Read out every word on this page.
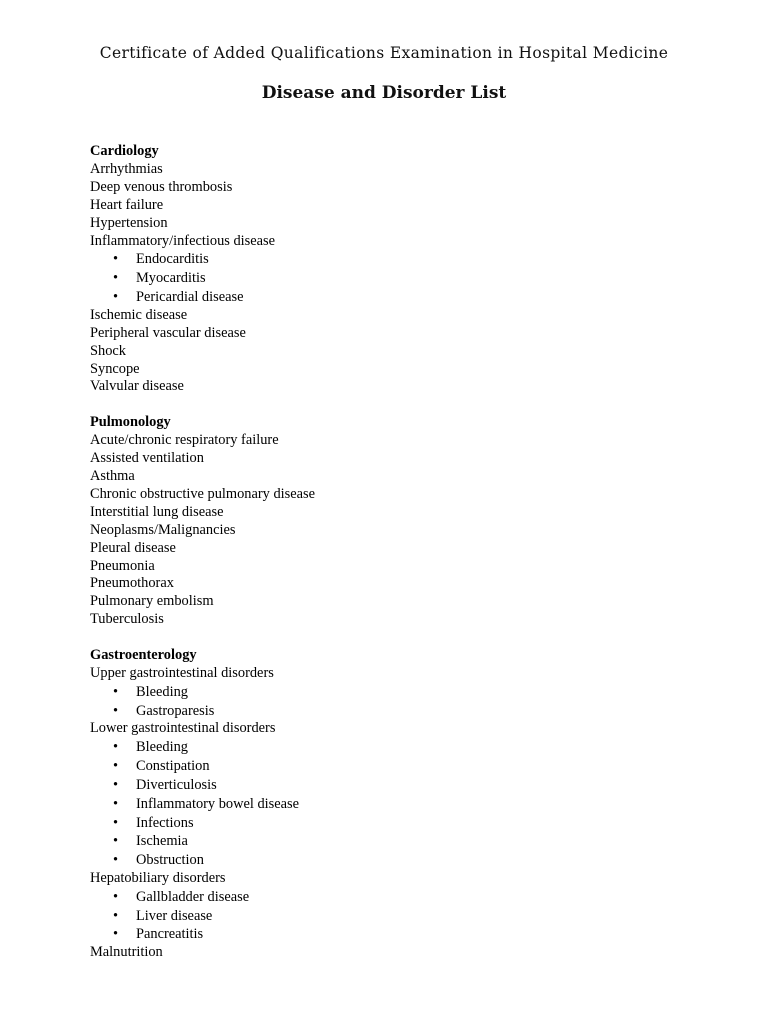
Certificate of Added Qualifications Examination in Hospital Medicine
Disease and Disorder List
Cardiology
Arrhythmias
Deep venous thrombosis
Heart failure
Hypertension
Inflammatory/infectious disease
• Endocarditis
• Myocarditis
• Pericardial disease
Ischemic disease
Peripheral vascular disease
Shock
Syncope
Valvular disease
Pulmonology
Acute/chronic respiratory failure
Assisted ventilation
Asthma
Chronic obstructive pulmonary disease
Interstitial lung disease
Neoplasms/Malignancies
Pleural disease
Pneumonia
Pneumothorax
Pulmonary embolism
Tuberculosis
Gastroenterology
Upper gastrointestinal disorders
• Bleeding
• Gastroparesis
Lower gastrointestinal disorders
• Bleeding
• Constipation
• Diverticulosis
• Inflammatory bowel disease
• Infections
• Ischemia
• Obstruction
Hepatobiliary disorders
• Gallbladder disease
• Liver disease
• Pancreatitis
Malnutrition
